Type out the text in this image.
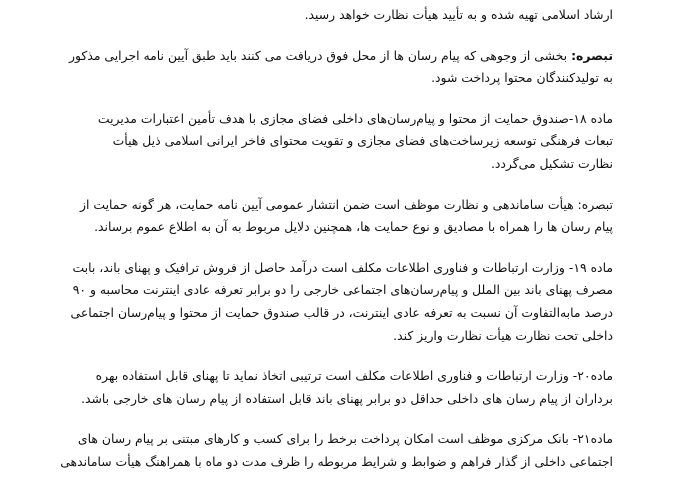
ارشاد اسلامی تهیه شده و به تأیید هیأت نظارت خواهد رسید.

تبصره: بخشی از وجوهی که پیام رسان ها از محل فوق دریافت می کنند باید طبق آیین نامه اجرایی مذکور
به تولیدکنندگان محتوا پرداخت شود.

ماده ۱۸-صندوق حمایت از محتوا و پیام‌رسان‌های داخلی فضای مجازی با هدف تأمین اعتبارات مدیریت
تبعات فرهنگی توسعه زیرساخت‌های فضای مجازی و تقویت محتوای فاخر ایرانی اسلامی ذیل هیأت
نظارت تشکیل می‌گردد.

تبصره: هیأت ساماندهی و نظارت موظف است ضمن انتشار عمومی آیین نامه حمایت، هر گونه حمایت از
پیام رسان ها را همراه با مصادیق و نوع حمایت ها، همچنین دلایل مربوط به آن به اطلاع عموم برساند.

ماده ۱۹- وزارت ارتباطات و فناوری اطلاعات مکلف است درآمد حاصل از فروش ترافیک و پهنای باند، بابت
مصرف پهنای باند بین الملل و پیام‌رسان‌های اجتماعی خارجی را دو برابر تعرفه عادی اینترنت محاسبه و ۹۰
درصد مابه‌التفاوت آن نسبت به تعرفه عادی اینترنت، در قالب صندوق حمایت از محتوا و پیام‌رسان اجتماعی
داخلی تحت نظارت هیأت نظارت واریز کند.

ماده۲۰- وزارت ارتباطات و فناوری اطلاعات مکلف است ترتیبی اتخاذ نماید تا پهنای قابل استفاده بهره
برداران از پیام رسان های داخلی حداقل دو برابر پهنای باند قابل استفاده از پیام رسان های خارجی باشد.

ماده۲۱- بانک مرکزی موظف است امکان پرداخت برخط را برای کسب و کارهای مبتنی بر پیام رسان های
اجتماعی داخلی از گذار فراهم و ضوابط و شرایط مربوطه را ظرف مدت دو ماه با همراهنگ هیأت ساماندهی
